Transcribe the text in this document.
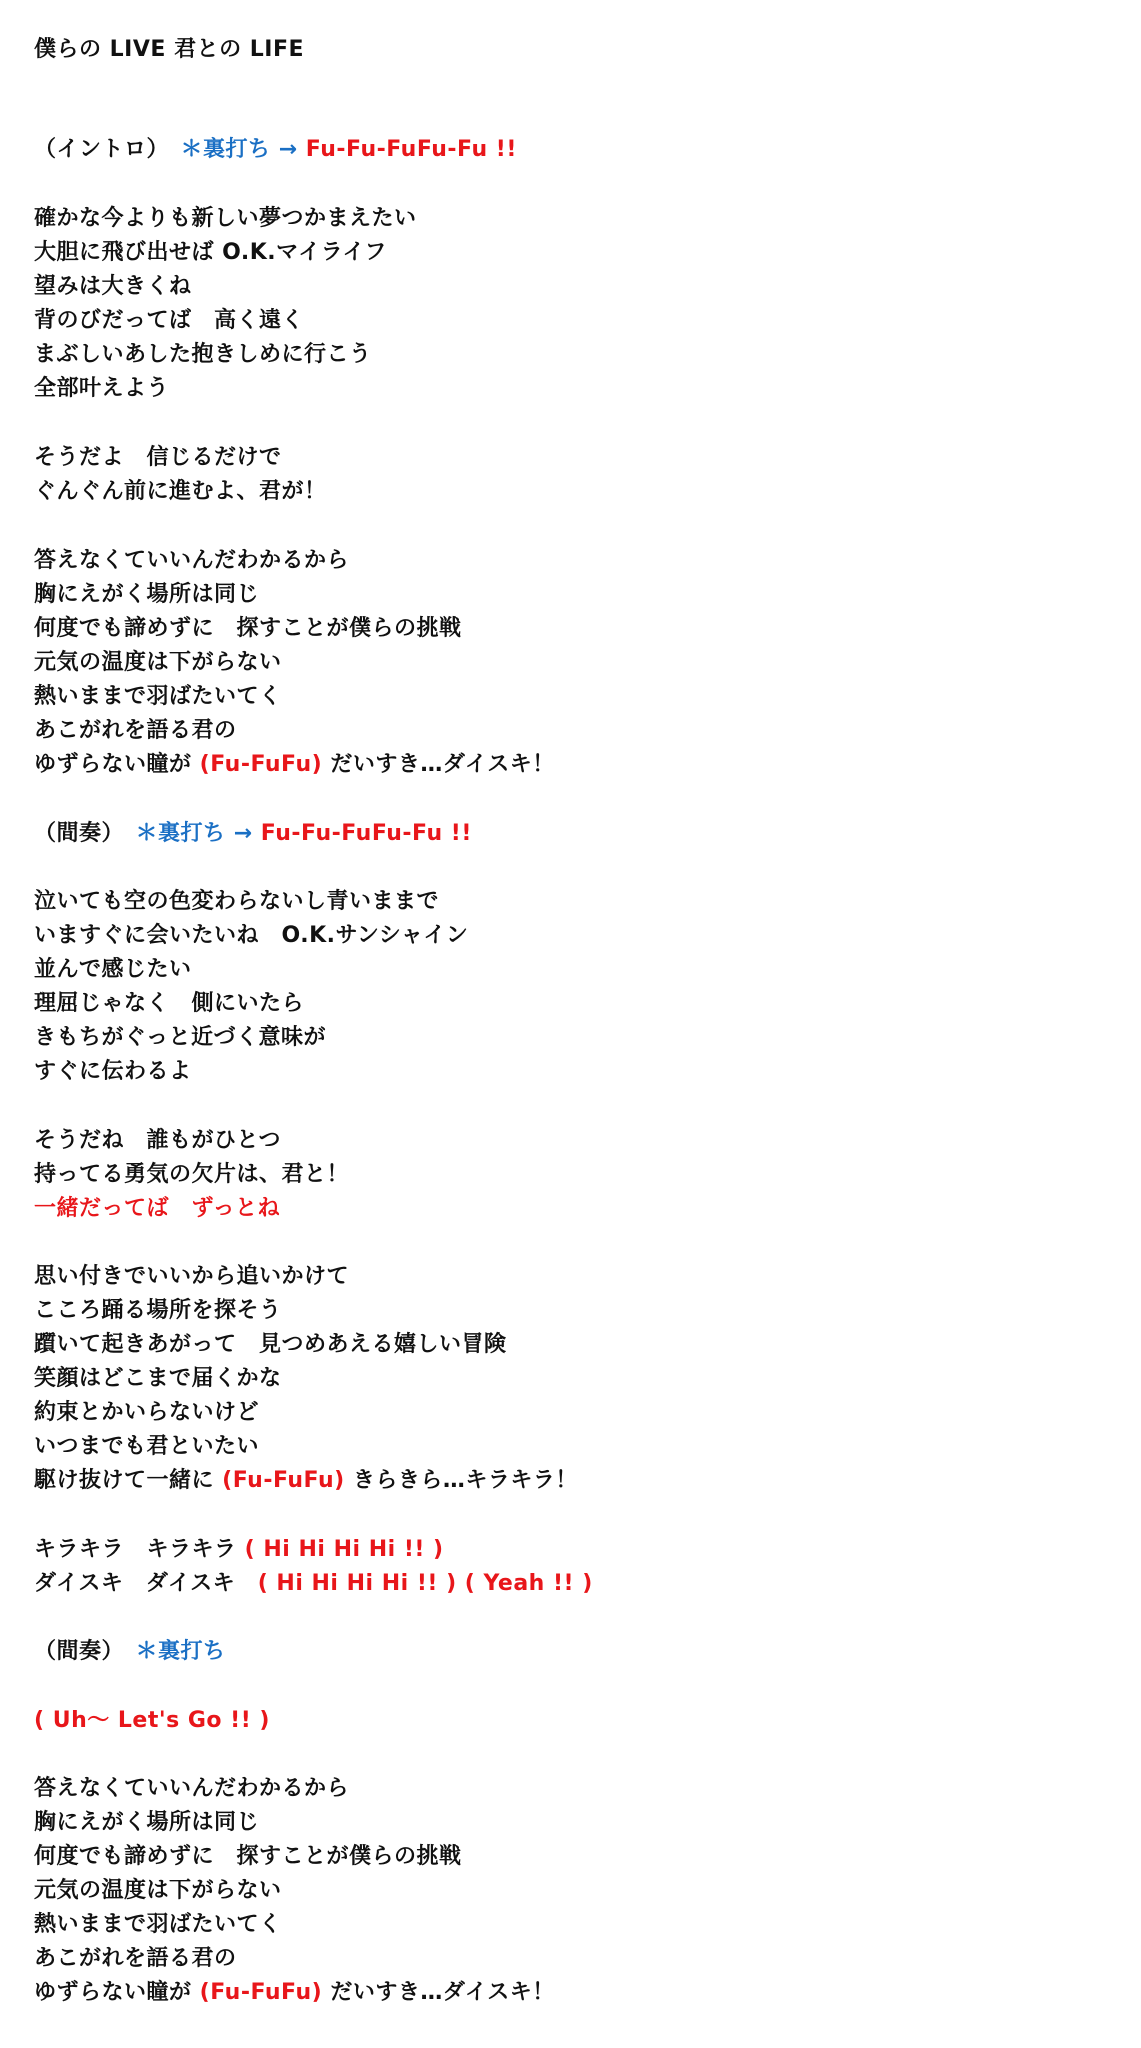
僕らの LIVE 君との LIFE
（イントロ）　＊裏打ち → Fu-Fu-FuFu-Fu !!
確かな今よりも新しい夢つかまえたい
大胆に飛び出せば O.K.マイライフ
望みは大きくね
背のびだってば　高く遠く
まぶしいあした抱きしめに行こう
全部叶えよう
そうだよ　信じるだけで
ぐんぐん前に進むよ、君が！
答えなくていいんだわかるから
胸にえがく場所は同じ
何度でも諦めずに　探すことが僕らの挑戦
元気の温度は下がらない
熱いままで羽ばたいてく
あこがれを語る君の
ゆずらない瞳が (Fu-FuFu) だいすき…ダイスキ！
（間奏）　＊裏打ち → Fu-Fu-FuFu-Fu !!
泣いても空の色変わらないし青いままで
いますぐに会いたいね　O.K.サンシャイン
並んで感じたい
理屈じゃなく　側にいたら
きもちがぐっと近づく意味が
すぐに伝わるよ
そうだね　誰もがひとつ
持ってる勇気の欠片は、君と！
一緒だってば　ずっとね
思い付きでいいから追いかけて
こころ踊る場所を探そう
躓いて起きあがって　見つめあえる嬉しい冒険
笑顔はどこまで届くかな
約束とかいらないけど
いつまでも君といたい
駆け抜けて一緒に (Fu-FuFu) きらきら…キラキラ！
キラキラ　キラキラ ( Hi Hi Hi Hi !! )
ダイスキ　ダイスキ　( Hi Hi Hi Hi !! ) ( Yeah !! )
（間奏）　＊裏打ち
( Uh～ Let's Go !! )
答えなくていいんだわかるから
胸にえがく場所は同じ
何度でも諦めずに　探すことが僕らの挑戦
元気の温度は下がらない
熱いままで羽ばたいてく
あこがれを語る君の
ゆずらない瞳が (Fu-FuFu) だいすき…ダイスキ！
